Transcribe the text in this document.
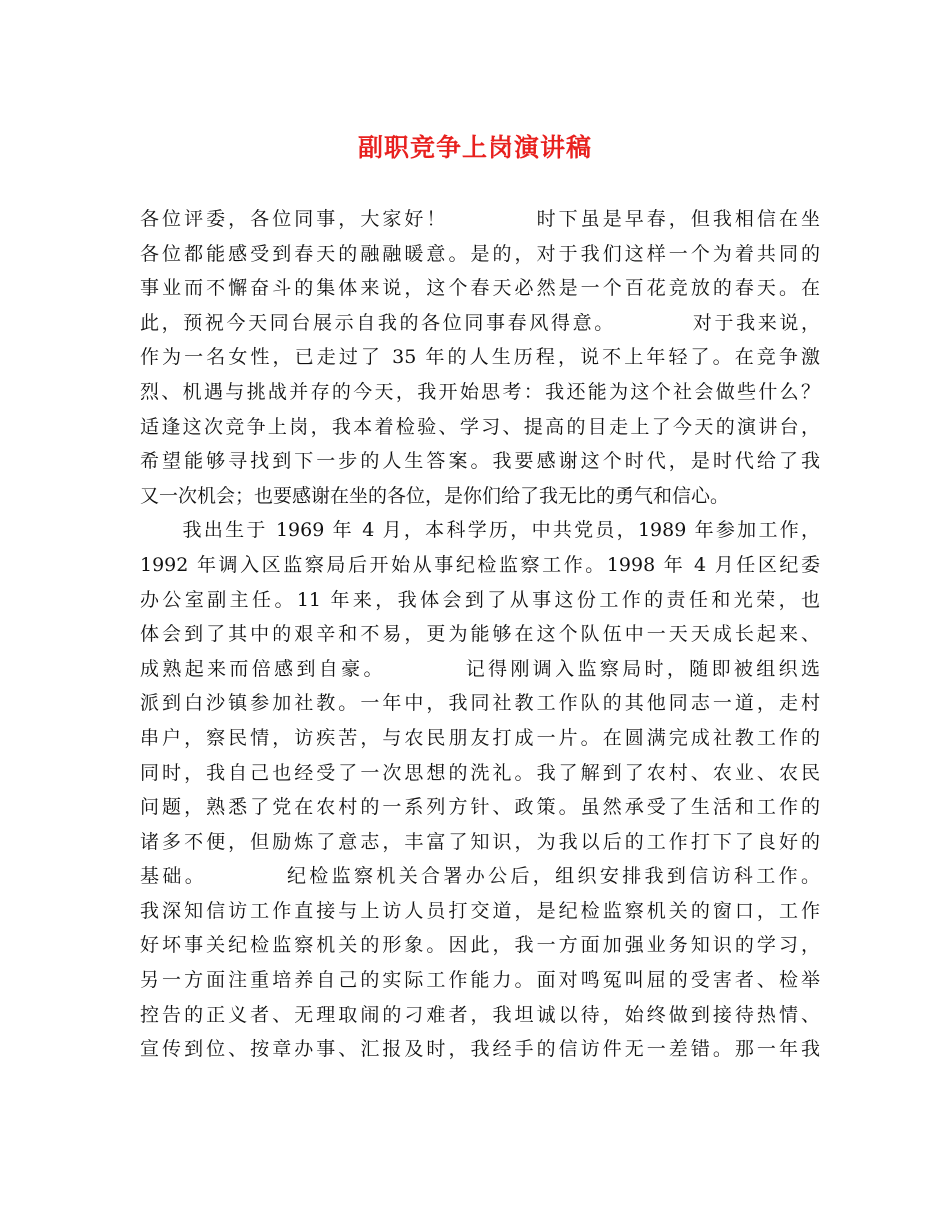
副职竞争上岗演讲稿
各位评委，各位同事，大家好！　　　　时下虽是早春，但我相信在坐
各位都能感受到春天的融融暖意。是的，对于我们这样一个为着共同的
事业而不懈奋斗的集体来说，这个春天必然是一个百花竞放的春天。在
此，预祝今天同台展示自我的各位同事春风得意。　　　　对于我来说，
作为一名女性，已走过了 35 年的人生历程，说不上年轻了。在竞争激
烈、机遇与挑战并存的今天，我开始思考：我还能为这个社会做些什么？
适逢这次竞争上岗，我本着检验、学习、提高的目走上了今天的演讲台，
希望能够寻找到下一步的人生答案。我要感谢这个时代，是时代给了我
又一次机会；也要感谢在坐的各位，是你们给了我无比的勇气和信心。
　　我出生于 1969 年 4 月，本科学历，中共党员，1989 年参加工作，
1992 年调入区监察局后开始从事纪检监察工作。1998 年 4 月任区纪委
办公室副主任。11 年来，我体会到了从事这份工作的责任和光荣，也
体会到了其中的艰辛和不易，更为能够在这个队伍中一天天成长起来、
成熟起来而倍感到自豪。　　　　记得刚调入监察局时，随即被组织选
派到白沙镇参加社教。一年中，我同社教工作队的其他同志一道，走村
串户，察民情，访疾苦，与农民朋友打成一片。在圆满完成社教工作的
同时，我自己也经受了一次思想的洗礼。我了解到了农村、农业、农民
问题，熟悉了党在农村的一系列方针、政策。虽然承受了生活和工作的
诸多不便，但励炼了意志，丰富了知识，为我以后的工作打下了良好的
基础。　　　　纪检监察机关合署办公后，组织安排我到信访科工作。
我深知信访工作直接与上访人员打交道，是纪检监察机关的窗口，工作
好坏事关纪检监察机关的形象。因此，我一方面加强业务知识的学习，
另一方面注重培养自己的实际工作能力。面对鸣冤叫屈的受害者、检举
控告的正义者、无理取闹的刁难者，我坦诚以待，始终做到接待热情、
宣传到位、按章办事、汇报及时，我经手的信访件无一差错。那一年我
